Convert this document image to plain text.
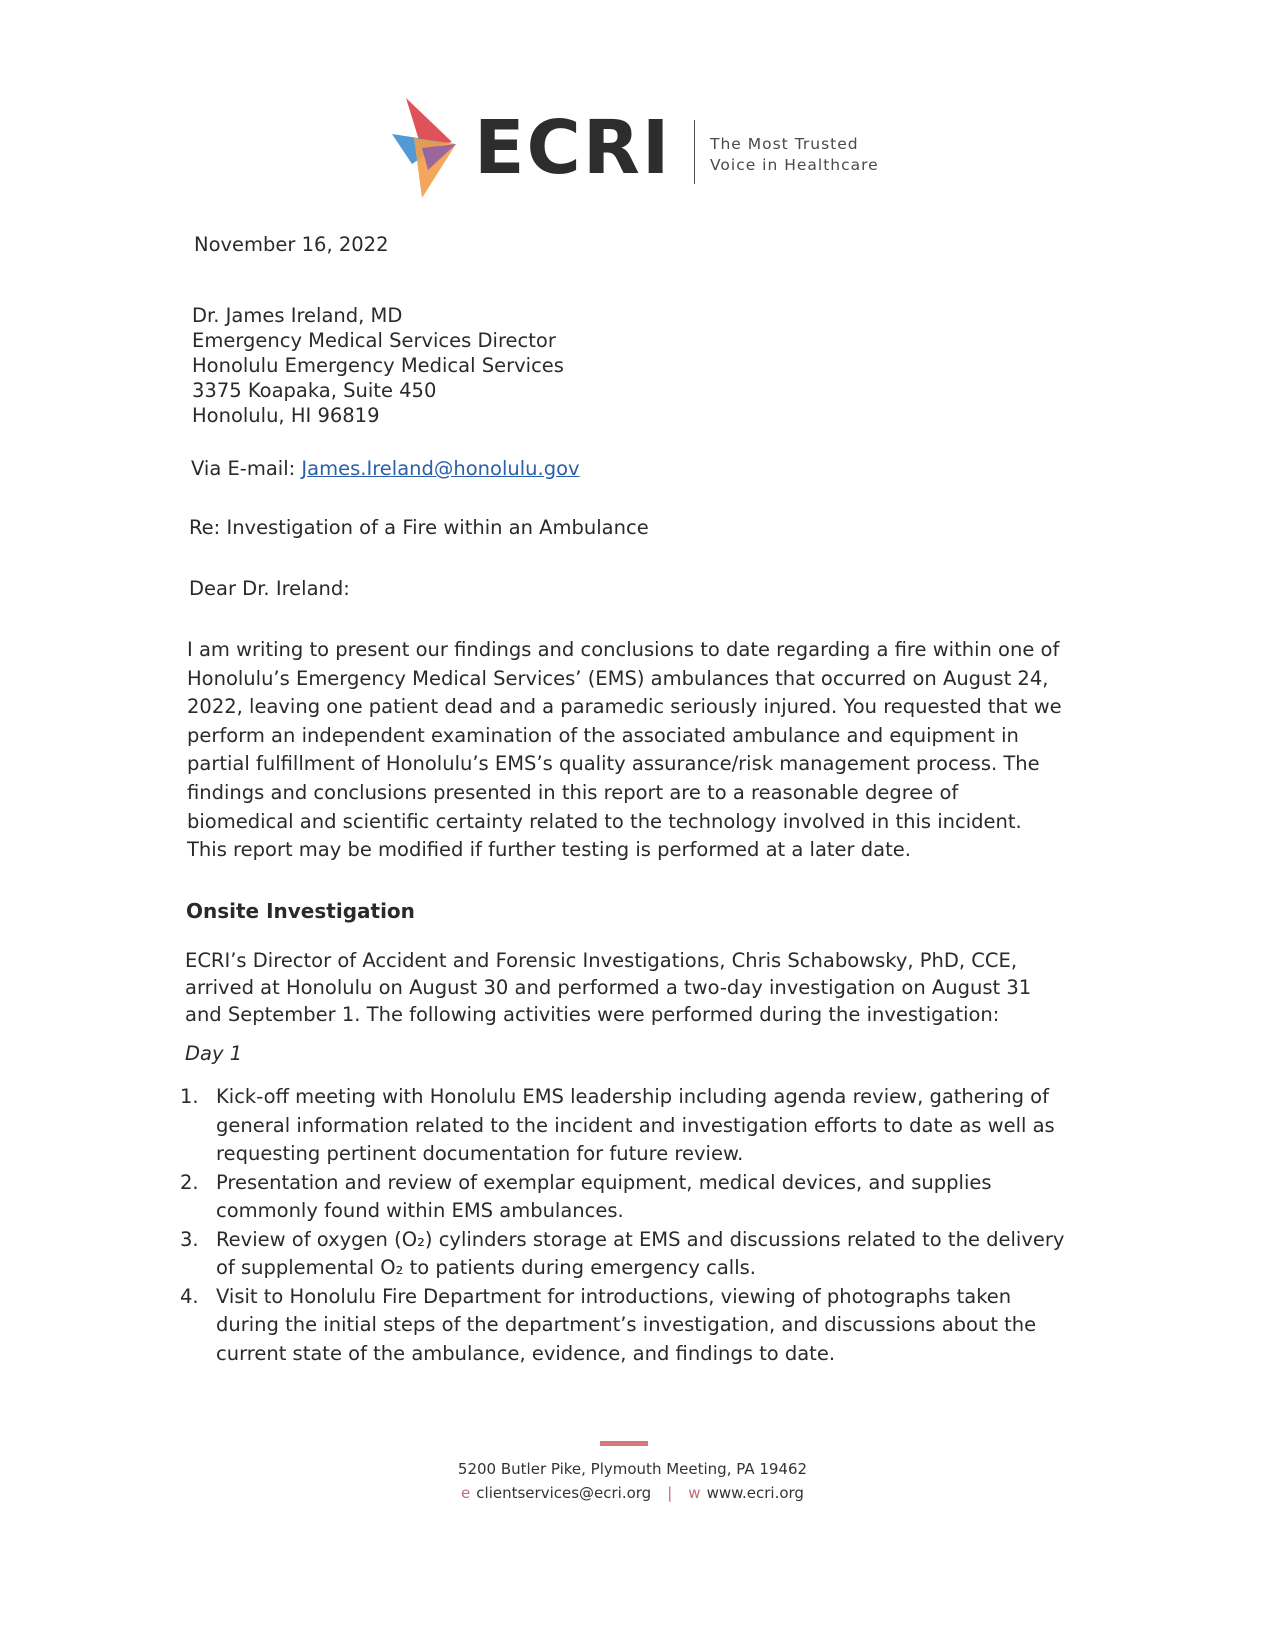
ECRI The Most Trusted
Voice in Healthcare
November 16, 2022
Dr. James Ireland, MD
Emergency Medical Services Director
Honolulu Emergency Medical Services
3375 Koapaka, Suite 450
Honolulu, HI 96819
Via E-mail: James.Ireland@honolulu.gov
Re: Investigation of a Fire within an Ambulance
Dear Dr. Ireland:
I am writing to present our findings and conclusions to date regarding a fire within one of Honolulu’s Emergency Medical Services’ (EMS) ambulances that occurred on August 24, 2022, leaving one patient dead and a paramedic seriously injured. You requested that we perform an independent examination of the associated ambulance and equipment in partial fulfillment of Honolulu’s EMS’s quality assurance/risk management process. The findings and conclusions presented in this report are to a reasonable degree of biomedical and scientific certainty related to the technology involved in this incident. This report may be modified if further testing is performed at a later date.
Onsite Investigation
ECRI’s Director of Accident and Forensic Investigations, Chris Schabowsky, PhD, CCE, arrived at Honolulu on August 30 and performed a two-day investigation on August 31 and September 1. The following activities were performed during the investigation:
Day 1
1. Kick-off meeting with Honolulu EMS leadership including agenda review, gathering of general information related to the incident and investigation efforts to date as well as requesting pertinent documentation for future review.
2. Presentation and review of exemplar equipment, medical devices, and supplies commonly found within EMS ambulances.
3. Review of oxygen (O₂) cylinders storage at EMS and discussions related to the delivery of supplemental O₂ to patients during emergency calls.
4. Visit to Honolulu Fire Department for introductions, viewing of photographs taken during the initial steps of the department’s investigation, and discussions about the current state of the ambulance, evidence, and findings to date.
5200 Butler Pike, Plymouth Meeting, PA 19462
e clientservices@ecri.org | w www.ecri.org
